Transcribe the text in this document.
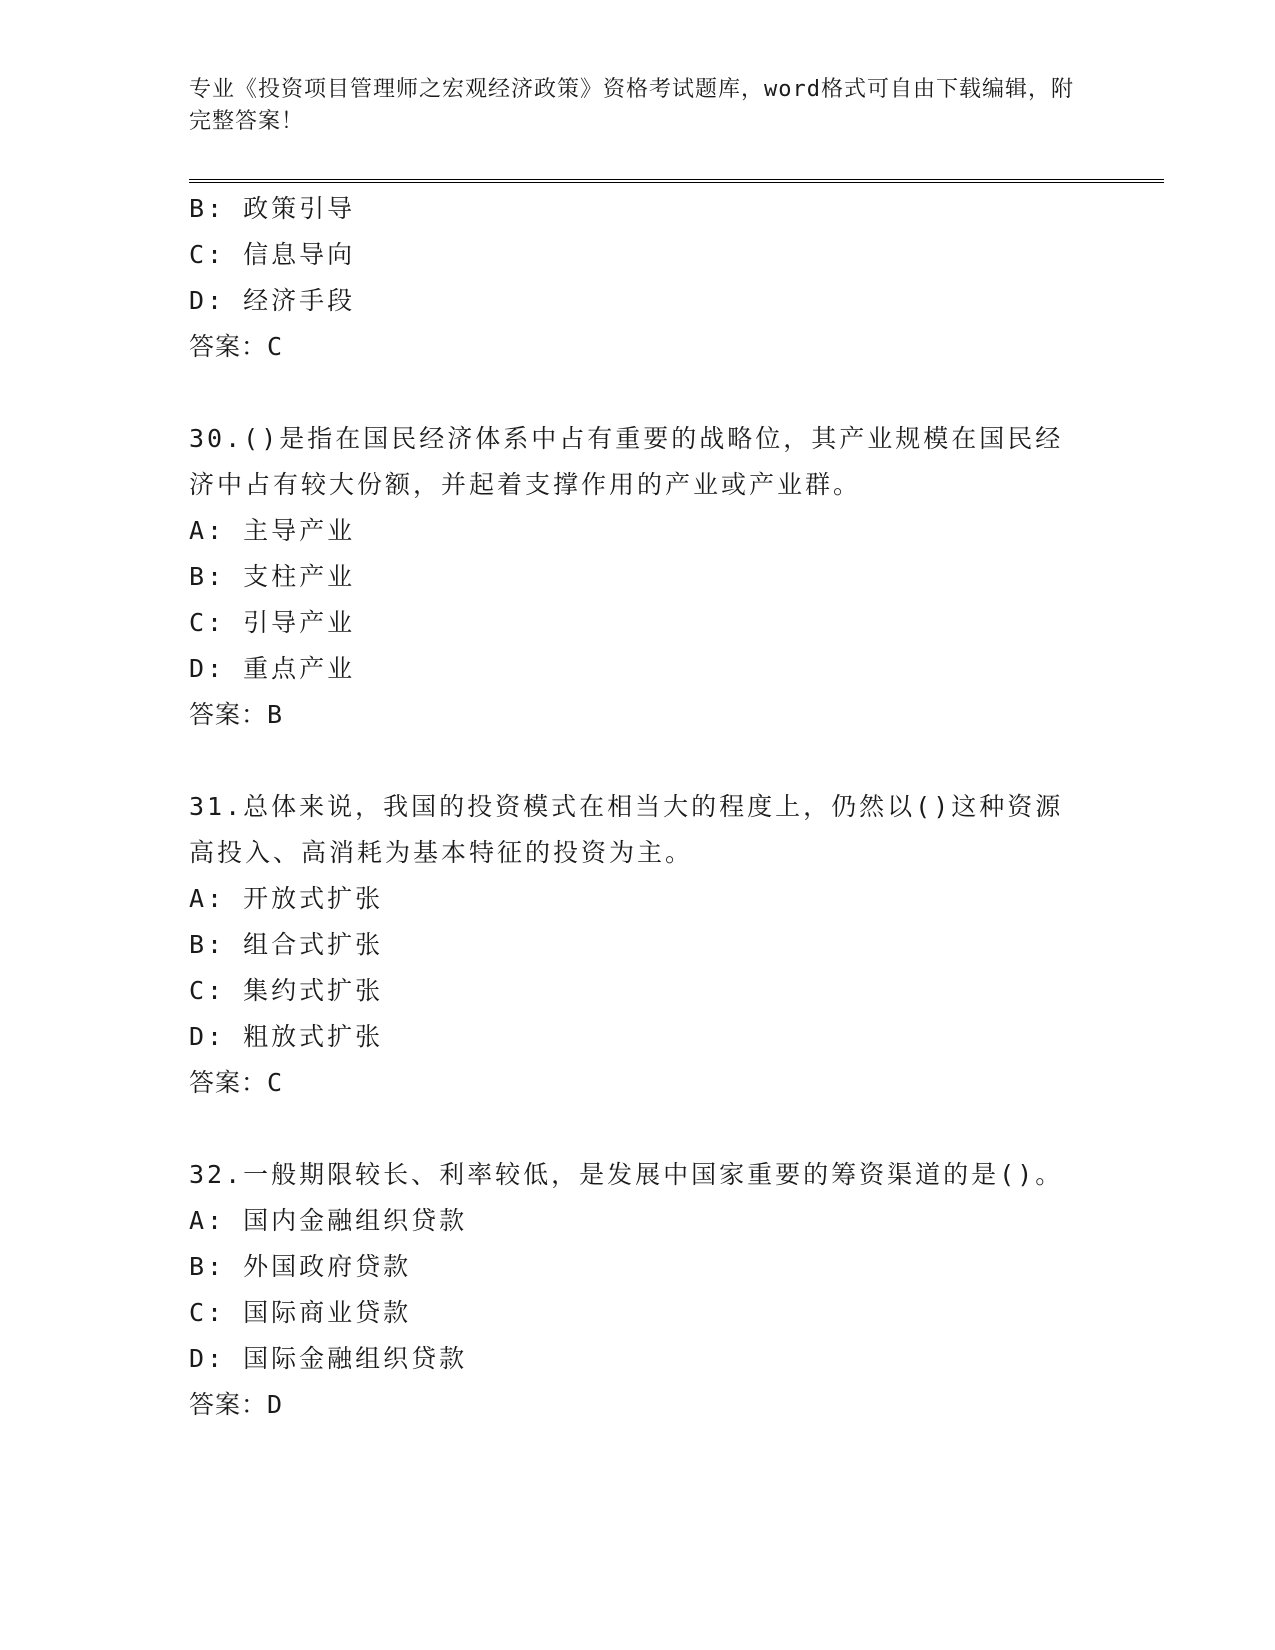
专业《投资项目管理师之宏观经济政策》资格考试题库，word格式可自由下载编辑，附完整答案！
B: 政策引导
C: 信息导向
D: 经济手段
答案：C
30.()是指在国民经济体系中占有重要的战略位，其产业规模在国民经济中占有较大份额，并起着支撑作用的产业或产业群。
A: 主导产业
B: 支柱产业
C: 引导产业
D: 重点产业
答案：B
31.总体来说，我国的投资模式在相当大的程度上，仍然以()这种资源高投入、高消耗为基本特征的投资为主。
A: 开放式扩张
B: 组合式扩张
C: 集约式扩张
D: 粗放式扩张
答案：C
32.一般期限较长、利率较低，是发展中国家重要的筹资渠道的是()。
A: 国内金融组织贷款
B: 外国政府贷款
C: 国际商业贷款
D: 国际金融组织贷款
答案：D
